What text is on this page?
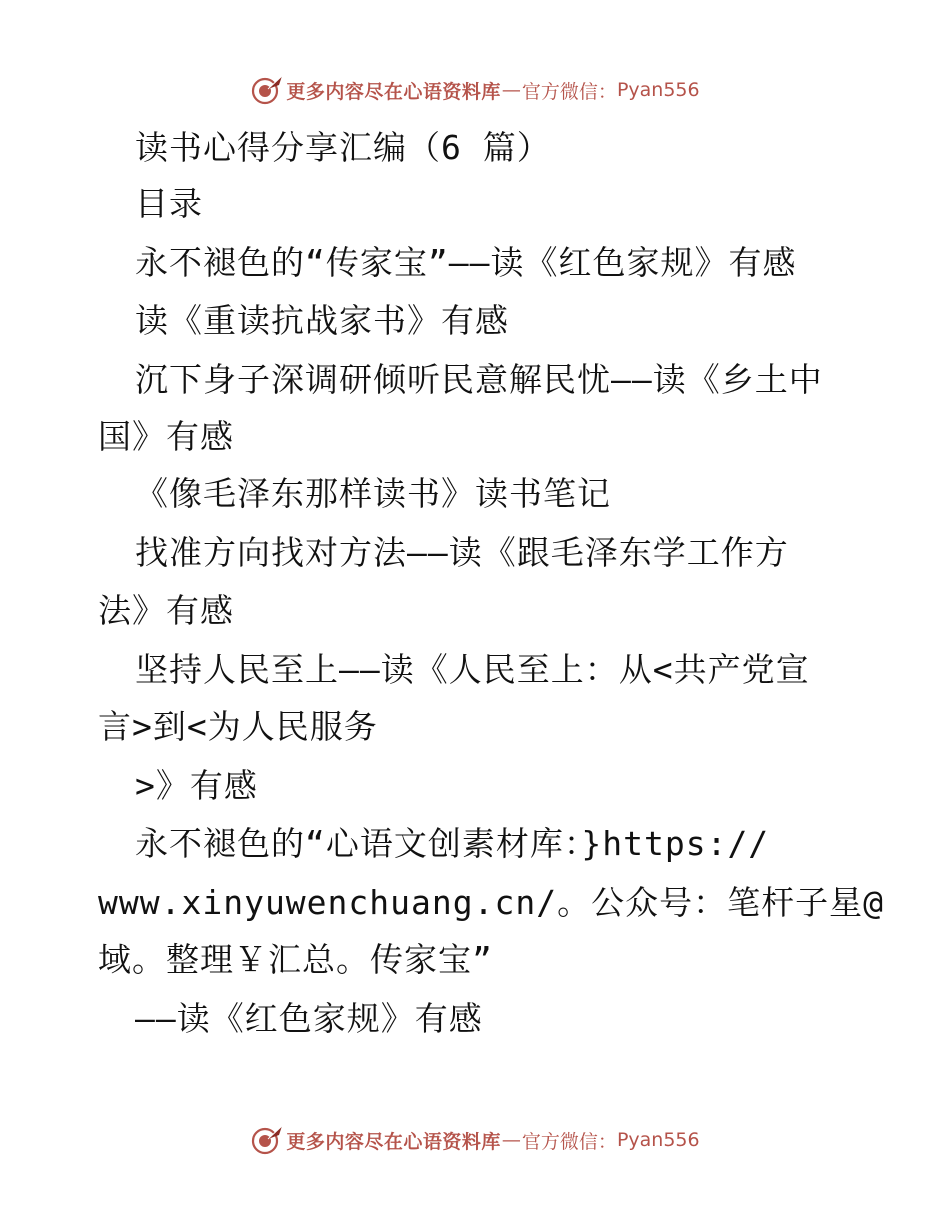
更多内容尽在心语资料库 — 官方微信： Pyan556
读书心得分享汇编（6 篇）
目录
永不褪色的“传家宝”——读《红色家规》有感
读《重读抗战家书》有感
沉下身子深调研倾听民意解民忧——读《乡土中
国》有感
《像毛泽东那样读书》读书笔记
找准方向找对方法——读《跟毛泽东学工作方
法》有感
坚持人民至上——读《人民至上：从<共产党宣
言>到<为人民服务
>》有感
永不褪色的“心语文创素材库：}https://
www.xinyuwenchuang.cn/。公众号：笔杆子星@
域。整理￥汇总。传家宝”
——读《红色家规》有感
更多内容尽在心语资料库 — 官方微信： Pyan556
